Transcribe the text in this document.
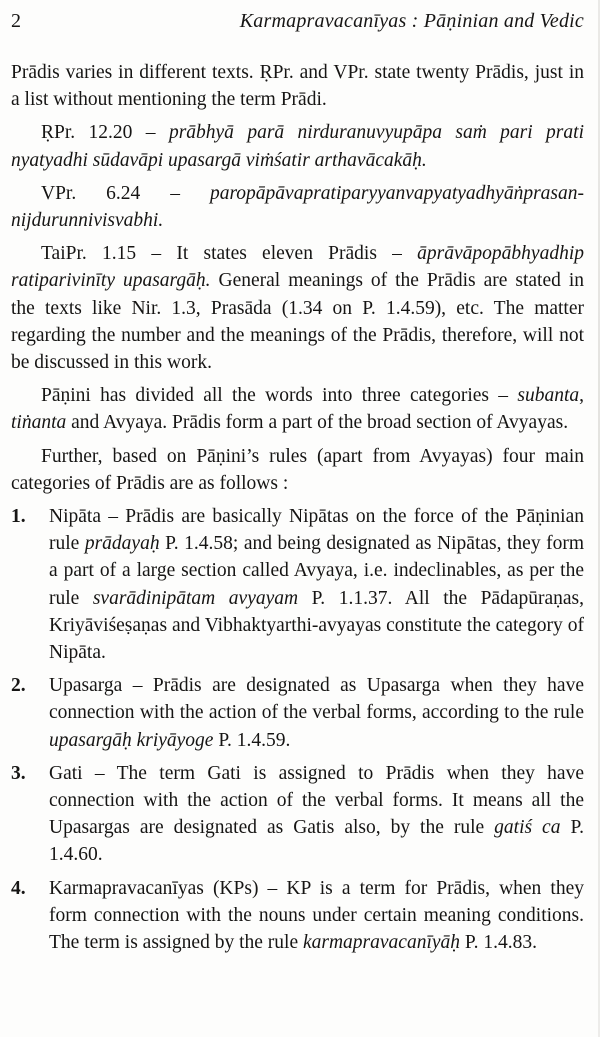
2	Karmapravacanīyas : Pāṇinian and Vedic

Prādis varies in different texts. ṚPr. and VPr. state twenty Prādis, just in a list without mentioning the term Prādi.

ṚPr. 12.20 – prābhyā parā nirduranuvyupāpa saṁ pari prati nyatyadhi sūdavāpi upasargā viṁśatir arthavācakāḥ.

VPr. 6.24 – paropāpāvapratiparyyanvapyatyadhyāṅprasan-nijdurunnivisvabhi.

TaiPr. 1.15 – It states eleven Prādis – āprāvāpopābhyadhip ratiparivinīty upasargāḥ. General meanings of the Prādis are stated in the texts like Nir. 1.3, Prasāda (1.34 on P. 1.4.59), etc. The matter regarding the number and the meanings of the Prādis, therefore, will not be discussed in this work.

Pāṇini has divided all the words into three categories – subanta, tiṅanta and Avyaya. Prādis form a part of the broad section of Avyayas.

Further, based on Pāṇini’s rules (apart from Avyayas) four main categories of Prādis are as follows :

1.	Nipāta – Prādis are basically Nipātas on the force of the Pāṇinian rule prādayaḥ P. 1.4.58; and being designated as Nipātas, they form a part of a large section called Avyaya, i.e. indeclinables, as per the rule svarādinipātam avyayam P. 1.1.37. All the Pādapūraṇas, Kriyāviśeṣaṇas and Vibhaktyarthi-avyayas constitute the category of Nipāta.
2.	Upasarga – Prādis are designated as Upasarga when they have connection with the action of the verbal forms, according to the rule upasargāḥ kriyāyoge P. 1.4.59.
3.	Gati – The term Gati is assigned to Prādis when they have connection with the action of the verbal forms. It means all the Upasargas are designated as Gatis also, by the rule gatiś ca P. 1.4.60.
4.	Karmapravacanīyas (KPs) – KP is a term for Prādis, when they form connection with the nouns under certain meaning conditions. The term is assigned by the rule karmapravacanīyāḥ P. 1.4.83.
